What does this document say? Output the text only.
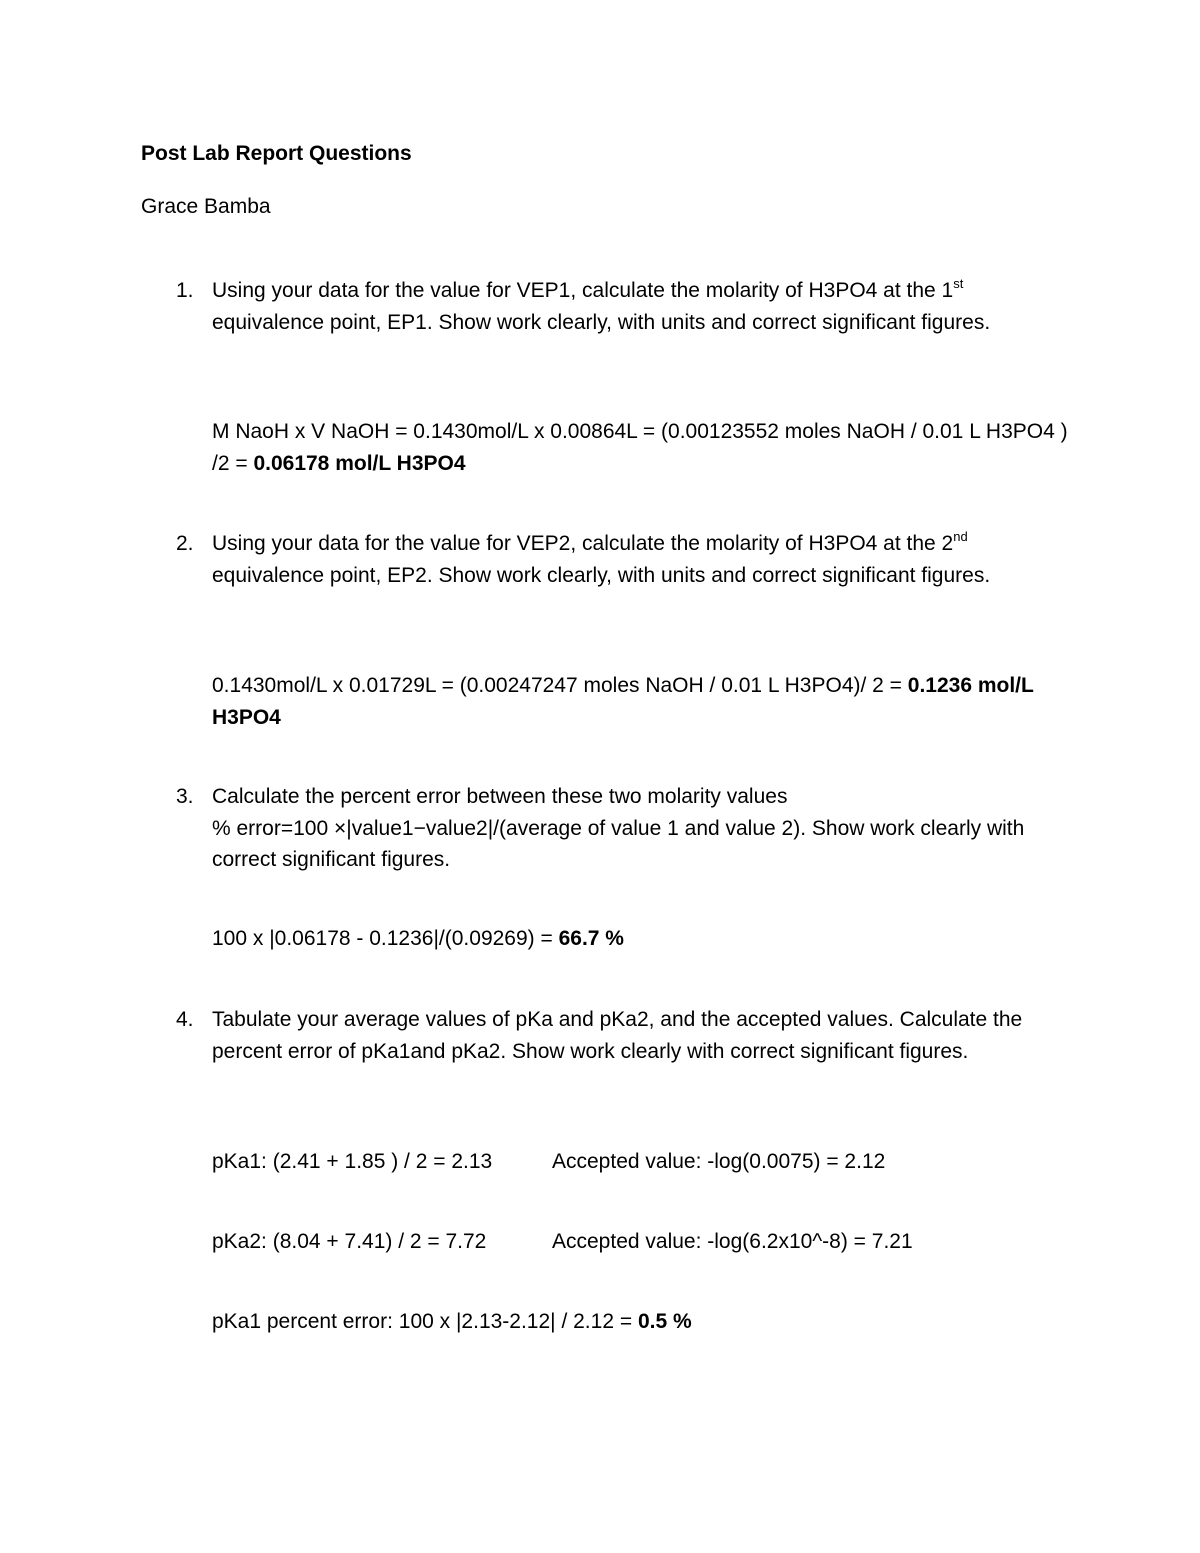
Post Lab Report Questions
Grace Bamba
1. Using your data for the value for VEP1, calculate the molarity of H3PO4 at the 1st equivalence point, EP1. Show work clearly, with units and correct significant figures.
M NaoH x V NaOH = 0.1430mol/L x 0.00864L = (0.00123552 moles NaOH / 0.01 L H3PO4 ) /2 = 0.06178 mol/L H3PO4
2. Using your data for the value for VEP2, calculate the molarity of H3PO4 at the 2nd equivalence point, EP2. Show work clearly, with units and correct significant figures.
0.1430mol/L x 0.01729L = (0.00247247 moles NaOH / 0.01 L H3PO4)/ 2 = 0.1236 mol/L H3PO4
3. Calculate the percent error between these two molarity values
% error=100 ×|value1−value2|/(average of value 1 and value 2). Show work clearly with correct significant figures.
100 x |0.06178 - 0.1236|/(0.09269) = 66.7 %
4. Tabulate your average values of pKa and pKa2, and the accepted values. Calculate the percent error of pKa1and pKa2. Show work clearly with correct significant figures.
pKa1: (2.41 + 1.85 ) / 2 = 2.13	Accepted value: -log(0.0075) = 2.12
pKa2: (8.04 + 7.41) / 2 = 7.72	Accepted value: -log(6.2x10^-8) = 7.21
pKa1 percent error: 100 x |2.13-2.12| / 2.12 = 0.5 %
